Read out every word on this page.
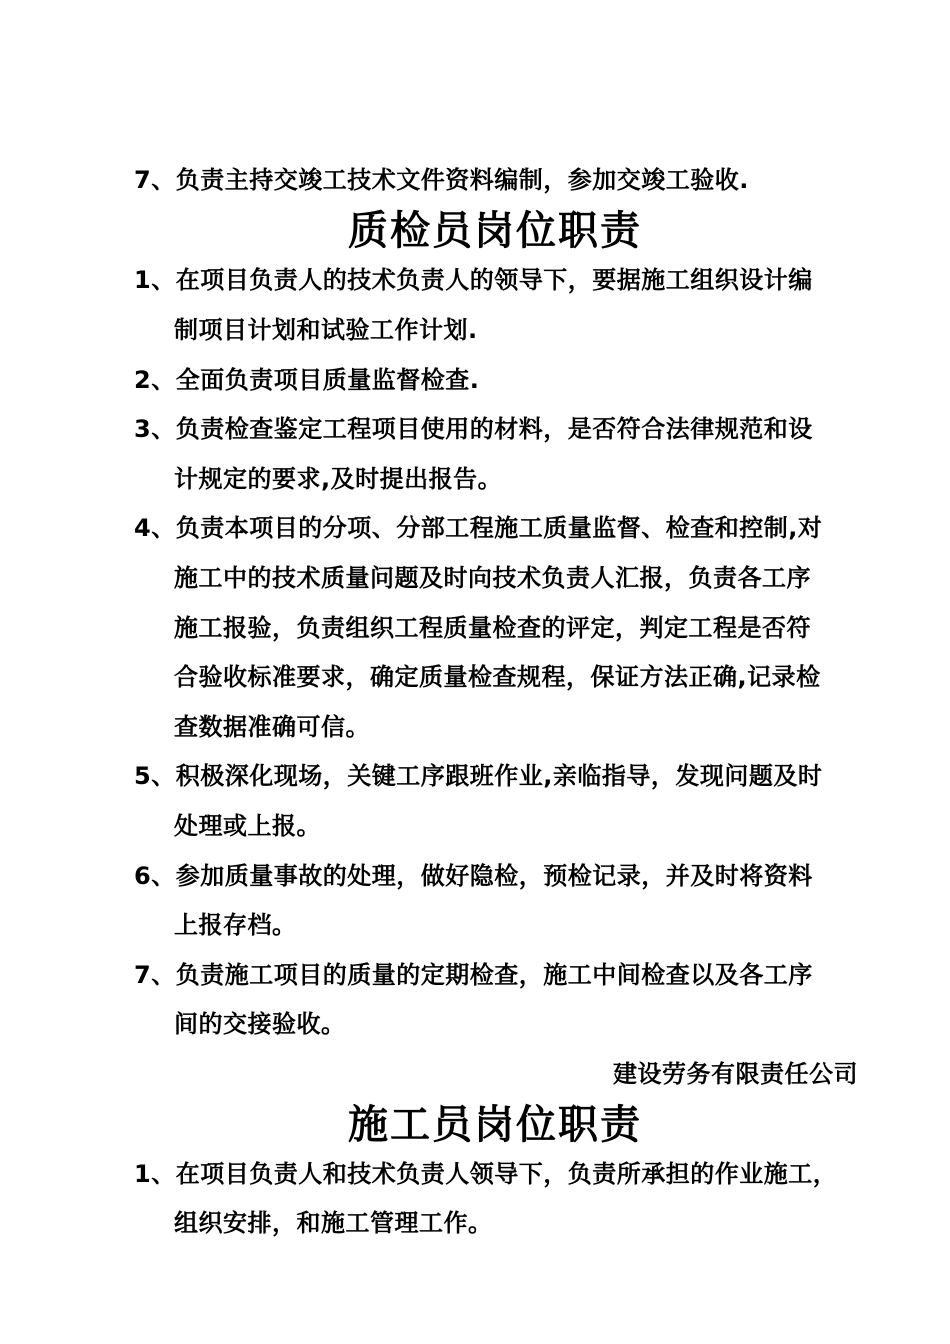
7、负责主持交竣工技术文件资料编制，参加交竣工验收.
质检员岗位职责
1、在项目负责人的技术负责人的领导下，要据施工组织设计编
制项目计划和试验工作计划.
2、全面负责项目质量监督检查.
3、负责检查鉴定工程项目使用的材料，是否符合法律规范和设
计规定的要求,及时提出报告。
4、负责本项目的分项、分部工程施工质量监督、检查和控制,对
施工中的技术质量问题及时向技术负责人汇报，负责各工序
施工报验，负责组织工程质量检查的评定，判定工程是否符
合验收标准要求，确定质量检查规程，保证方法正确,记录检
查数据准确可信。
5、积极深化现场，关键工序跟班作业,亲临指导，发现问题及时
处理或上报。
6、参加质量事故的处理，做好隐检，预检记录，并及时将资料
上报存档。
7、负责施工项目的质量的定期检查，施工中间检查以及各工序
间的交接验收。
建设劳务有限责任公司
施工员岗位职责
1、在项目负责人和技术负责人领导下，负责所承担的作业施工，
组织安排，和施工管理工作。
